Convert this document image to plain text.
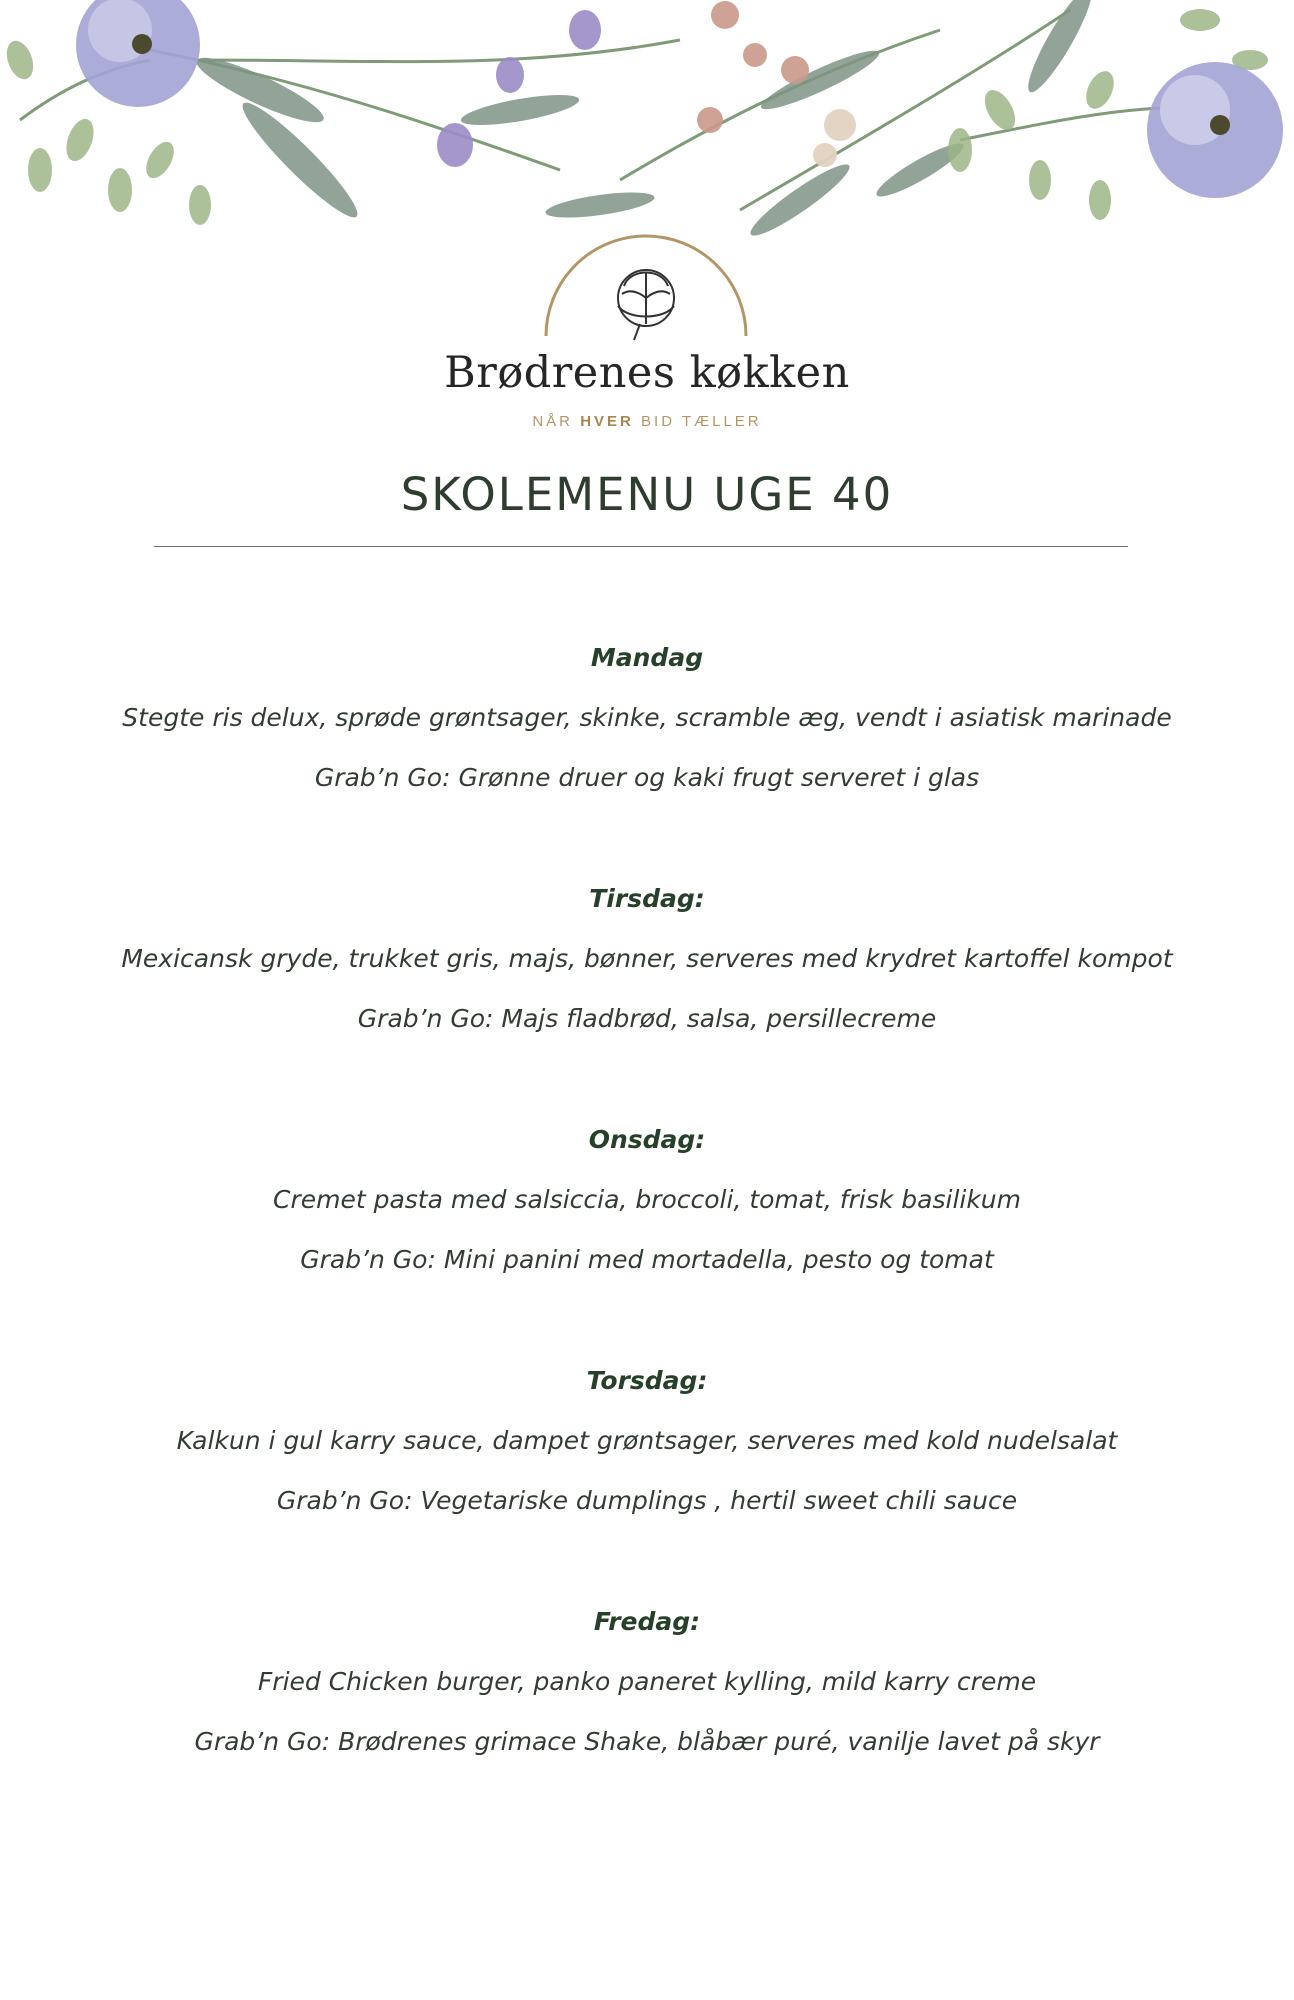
Brødrenes køkken
NÅR HVER BID TÆLLER
SKOLEMENU UGE 40
Mandag
Stegte ris delux, sprøde grøntsager, skinke, scramble æg, vendt i asiatisk marinade
Grab’n Go: Grønne druer og kaki frugt serveret i glas
Tirsdag:
Mexicansk gryde, trukket gris, majs, bønner, serveres med krydret kartoffel kompot
Grab’n Go: Majs fladbrød, salsa, persillecreme
Onsdag:
Cremet pasta med salsiccia, broccoli, tomat, frisk basilikum
Grab’n Go: Mini panini med mortadella, pesto og tomat
Torsdag:
Kalkun i gul karry sauce, dampet grøntsager, serveres med kold nudelsalat
Grab’n Go: Vegetariske dumplings , hertil sweet chili sauce
Fredag:
Fried Chicken burger, panko paneret kylling, mild karry creme
Grab’n Go: Brødrenes grimace Shake, blåbær puré, vanilje lavet på skyr
